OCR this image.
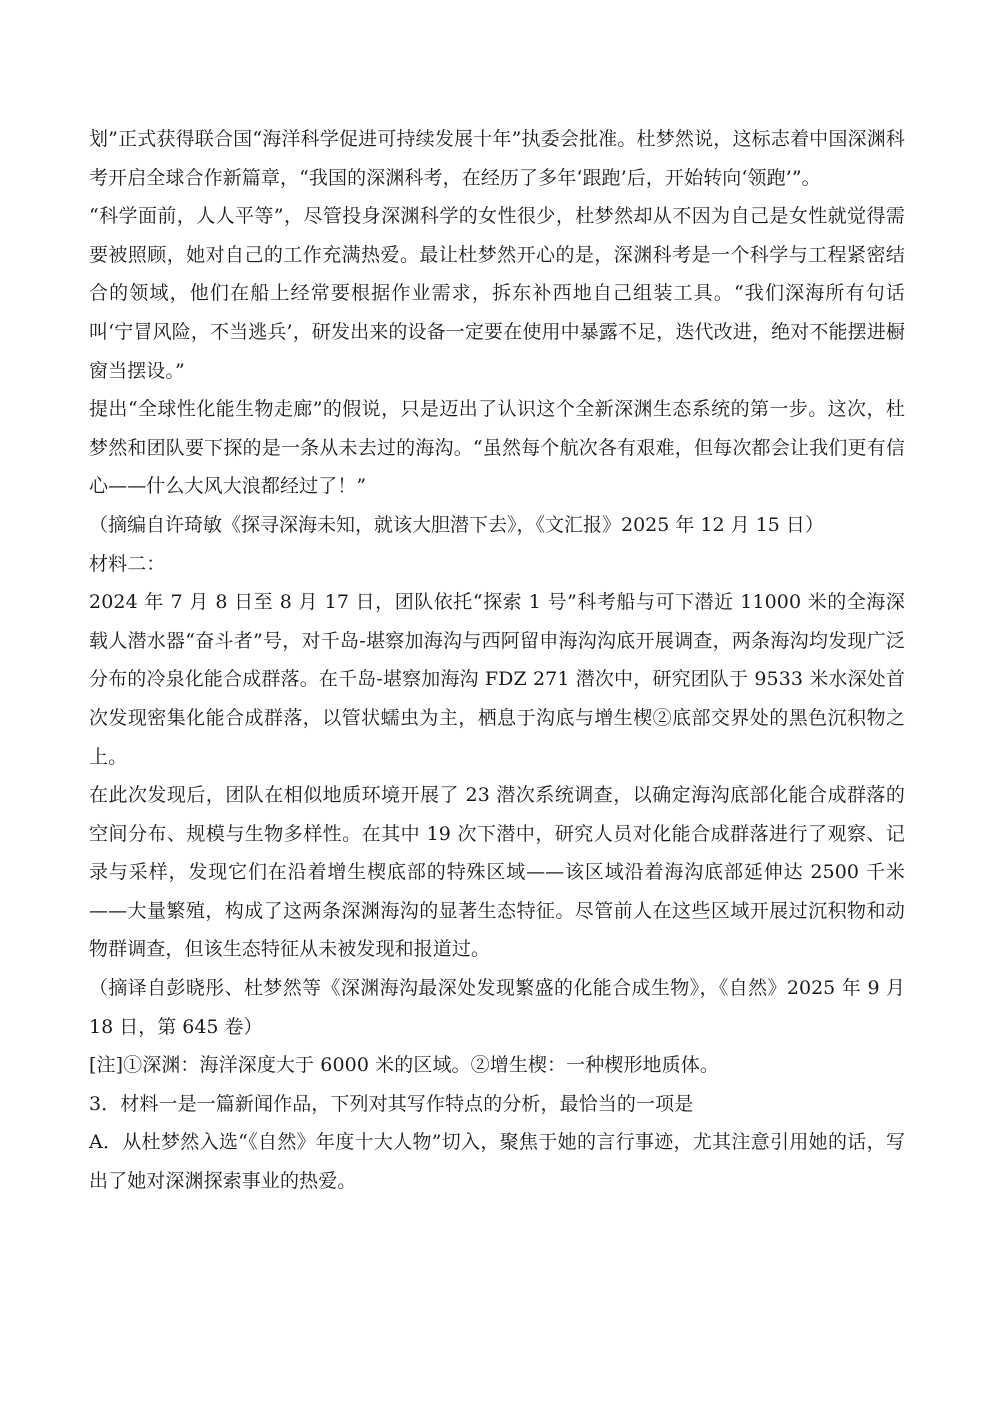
划”正式获得联合国“海洋科学促进可持续发展十年”执委会批准。杜梦然说，这标志着中国深渊科考开启全球合作新篇章，“我国的深渊科考，在经历了多年‘跟跑’后，开始转向‘领跑’”。

“科学面前，人人平等”，尽管投身深渊科学的女性很少，杜梦然却从不因为自己是女性就觉得需要被照顾，她对自己的工作充满热爱。最让杜梦然开心的是，深渊科考是一个科学与工程紧密结合的领域，他们在船上经常要根据作业需求，拆东补西地自己组装工具。“我们深海所有句话叫‘宁冒风险，不当逃兵’，研发出来的设备一定要在使用中暴露不足，迭代改进，绝对不能摆进橱窗当摆设。”

提出“全球性化能生物走廊”的假说，只是迈出了认识这个全新深渊生态系统的第一步。这次，杜梦然和团队要下探的是一条从未去过的海沟。“虽然每个航次各有艰难，但每次都会让我们更有信心——什么大风大浪都经过了！”

（摘编自许琦敏《探寻深海未知，就该大胆潜下去》，《文汇报》2025 年 12 月 15 日）

材料二：

2024 年 7 月 8 日至 8 月 17 日，团队依托“探索 1 号”科考船与可下潜近 11000 米的全海深载人潜水器“奋斗者”号，对千岛-堪察加海沟与西阿留申海沟沟底开展调查，两条海沟均发现广泛分布的冷泉化能合成群落。在千岛-堪察加海沟 FDZ 271 潜次中，研究团队于 9533 米水深处首次发现密集化能合成群落，以管状蠕虫为主，栖息于沟底与增生楔②底部交界处的黑色沉积物之上。

在此次发现后，团队在相似地质环境开展了 23 潜次系统调查，以确定海沟底部化能合成群落的空间分布、规模与生物多样性。在其中 19 次下潜中，研究人员对化能合成群落进行了观察、记录与采样，发现它们在沿着增生楔底部的特殊区域——该区域沿着海沟底部延伸达 2500 千米——大量繁殖，构成了这两条深渊海沟的显著生态特征。尽管前人在这些区域开展过沉积物和动物群调查，但该生态特征从未被发现和报道过。

（摘译自彭晓彤、杜梦然等《深渊海沟最深处发现繁盛的化能合成生物》，《自然》2025 年 9 月 18 日，第 645 卷）

[注]①深渊：海洋深度大于 6000 米的区域。②增生楔：一种楔形地质体。

3．材料一是一篇新闻作品，下列对其写作特点的分析，最恰当的一项是

A．从杜梦然入选“《自然》年度十大人物”切入，聚焦于她的言行事迹，尤其注意引用她的话，写出了她对深渊探索事业的热爱。
